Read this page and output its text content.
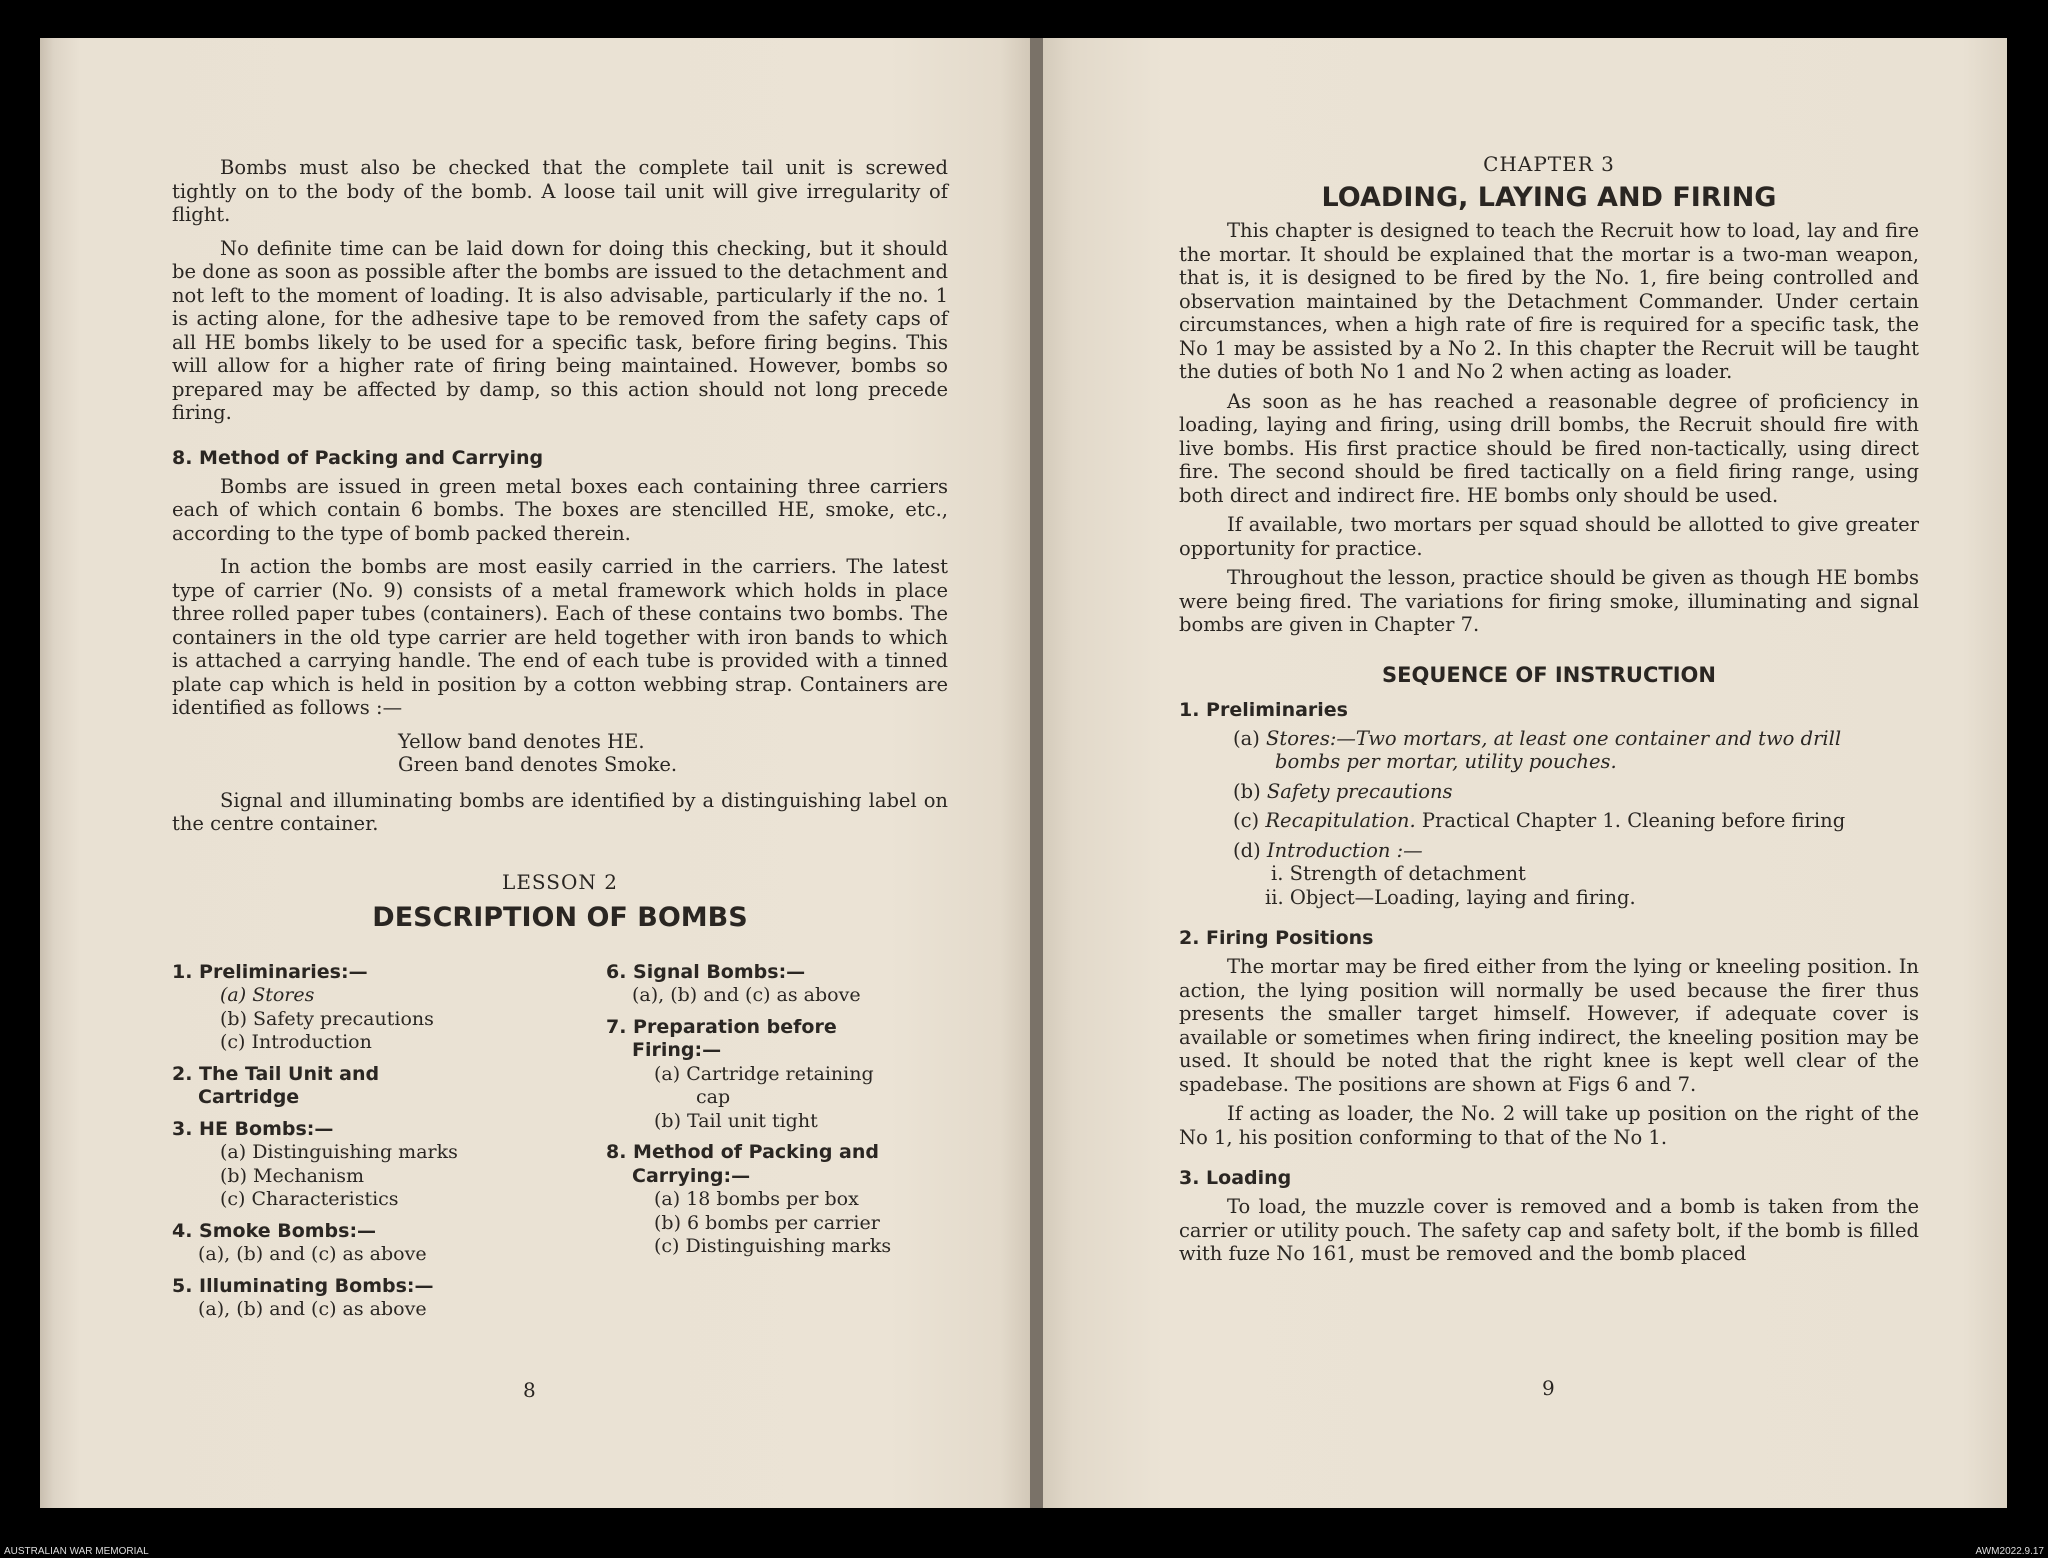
Bombs must also be checked that the complete tail unit is screwed tightly on to the body of the bomb. A loose tail unit will give irregularity of flight.

No definite time can be laid down for doing this checking, but it should be done as soon as possible after the bombs are issued to the detachment and not left to the moment of loading. It is also advisable, particularly if the no. 1 is acting alone, for the adhesive tape to be removed from the safety caps of all HE bombs likely to be used for a specific task, before firing begins. This will allow for a higher rate of firing being maintained. However, bombs so prepared may be affected by damp, so this action should not long precede firing.

8. Method of Packing and Carrying

Bombs are issued in green metal boxes each containing three carriers each of which contain 6 bombs. The boxes are stencilled HE, smoke, etc., according to the type of bomb packed therein.

In action the bombs are most easily carried in the carriers. The latest type of carrier (No. 9) consists of a metal framework which holds in place three rolled paper tubes (containers). Each of these contains two bombs. The containers in the old type carrier are held together with iron bands to which is attached a carrying handle. The end of each tube is provided with a tinned plate cap which is held in position by a cotton webbing strap. Containers are identified as follows :—

Yellow band denotes HE.
Green band denotes Smoke.

Signal and illuminating bombs are identified by a distinguishing label on the centre container.

LESSON 2
DESCRIPTION OF BOMBS
1. Preliminaries:—
(a) Stores
(b) Safety precautions
(c) Introduction
2. The Tail Unit and
Cartridge
3. HE Bombs:—
(a) Distinguishing marks
(b) Mechanism
(c) Characteristics
4. Smoke Bombs:—
(a), (b) and (c) as above
5. Illuminating Bombs:—
(a), (b) and (c) as above
6. Signal Bombs:—
(a), (b) and (c) as above
7. Preparation before
Firing:—
(a) Cartridge retaining
cap
(b) Tail unit tight
8. Method of Packing and
Carrying:—
(a) 18 bombs per box
(b) 6 bombs per carrier
(c) Distinguishing marks
8
CHAPTER 3
LOADING, LAYING AND FIRING

This chapter is designed to teach the Recruit how to load, lay and fire the mortar. It should be explained that the mortar is a two-man weapon, that is, it is designed to be fired by the No. 1, fire being controlled and observation maintained by the Detachment Commander. Under certain circumstances, when a high rate of fire is required for a specific task, the No 1 may be assisted by a No 2. In this chapter the Recruit will be taught the duties of both No 1 and No 2 when acting as loader.

As soon as he has reached a reasonable degree of proficiency in loading, laying and firing, using drill bombs, the Recruit should fire with live bombs. His first practice should be fired non-tactically, using direct fire. The second should be fired tactically on a field firing range, using both direct and indirect fire. HE bombs only should be used.

If available, two mortars per squad should be allotted to give greater opportunity for practice.

Throughout the lesson, practice should be given as though HE bombs were being fired. The variations for firing smoke, illuminating and signal bombs are given in Chapter 7.

SEQUENCE OF INSTRUCTION
1. Preliminaries
(a) Stores:—Two mortars, at least one container and two drill
bombs per mortar, utility pouches.
(b) Safety precautions
(c) Recapitulation. Practical Chapter 1. Cleaning before firing
(d) Introduction :—
i. Strength of detachment
ii. Object—Loading, laying and firing.
2. Firing Positions

The mortar may be fired either from the lying or kneeling position. In action, the lying position will normally be used because the firer thus presents the smaller target himself. However, if adequate cover is available or sometimes when firing indirect, the kneeling position may be used. It should be noted that the right knee is kept well clear of the spadebase. The positions are shown at Figs 6 and 7.

If acting as loader, the No. 2 will take up position on the right of the No 1, his position conforming to that of the No 1.

3. Loading

To load, the muzzle cover is removed and a bomb is taken from the carrier or utility pouch. The safety cap and safety bolt, if the bomb is filled with fuze No 161, must be removed and the bomb placed

9
AUSTRALIAN WAR MEMORIAL	AWM2022.9.17
